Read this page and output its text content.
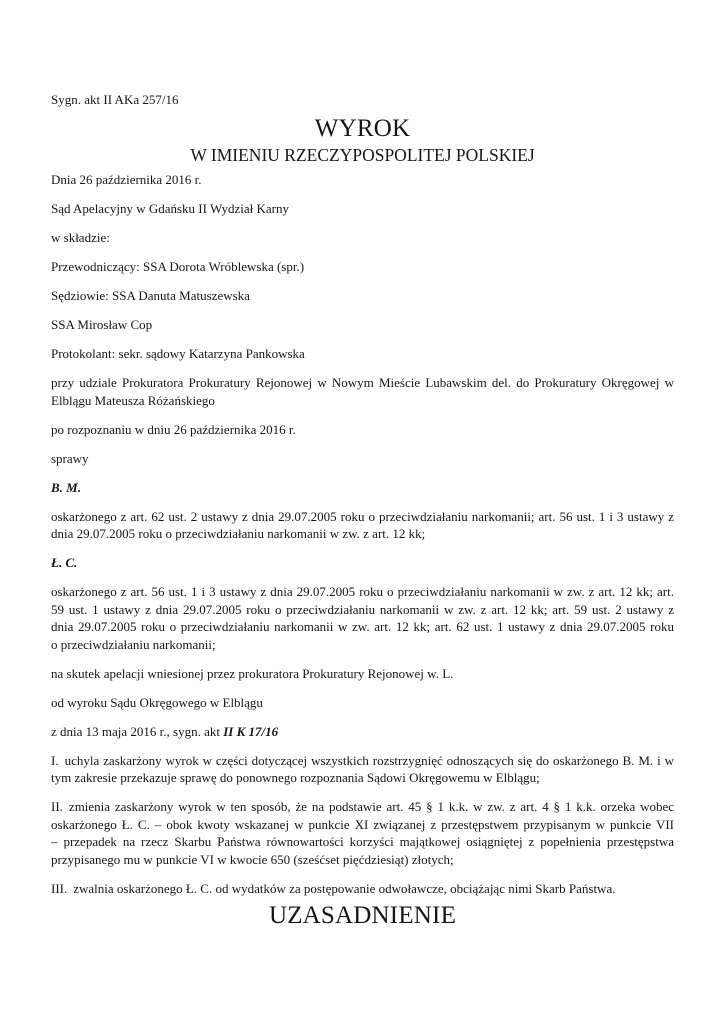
Sygn. akt II AKa 257/16

WYROK
W IMIENIU RZECZYPOSPOLITEJ POLSKIEJ

Dnia 26 października 2016 r.

Sąd Apelacyjny w Gdańsku II Wydział Karny

w składzie:

Przewodniczący: SSA Dorota Wróblewska (spr.)

Sędziowie: SSA Danuta Matuszewska

SSA Mirosław Cop

Protokolant: sekr. sądowy Katarzyna Pankowska

przy udziale Prokuratora Prokuratury Rejonowej w Nowym Mieście Lubawskim del. do Prokuratury Okręgowej w
Elblągu Mateusza Różańskiego

po rozpoznaniu w dniu 26 października 2016 r.

sprawy

B. M.

oskarżonego z art. 62 ust. 2 ustawy z dnia 29.07.2005 roku o przeciwdziałaniu narkomanii; art. 56 ust. 1 i 3 ustawy z
dnia 29.07.2005 roku o przeciwdziałaniu narkomanii w zw. z art. 12 kk;

Ł. C.

oskarżonego z art. 56 ust. 1 i 3 ustawy z dnia 29.07.2005 roku o przeciwdziałaniu narkomanii w zw. z art. 12 kk; art.
59 ust. 1 ustawy z dnia 29.07.2005 roku o przeciwdziałaniu narkomanii w zw. z art. 12 kk; art. 59 ust. 2 ustawy z
dnia 29.07.2005 roku o przeciwdziałaniu narkomanii w zw. art. 12 kk; art. 62 ust. 1 ustawy z dnia 29.07.2005 roku
o przeciwdziałaniu narkomanii;

na skutek apelacji wniesionej przez prokuratora Prokuratury Rejonowej w. L.

od wyroku Sądu Okręgowego w Elblągu

z dnia 13 maja 2016 r., sygn. akt II K 17/16

I. uchyla zaskarżony wyrok w części dotyczącej wszystkich rozstrzygnięć odnoszących się do oskarżonego B. M. i w
tym zakresie przekazuje sprawę do ponownego rozpoznania Sądowi Okręgowemu w Elblągu;
II. zmienia zaskarżony wyrok w ten sposób, że na podstawie art. 45 § 1 k.k. w zw. z art. 4 § 1 k.k. orzeka wobec
oskarżonego Ł. C. – obok kwoty wskazanej w punkcie XI związanej z przestępstwem przypisanym w punkcie VII
– przepadek na rzecz Skarbu Państwa równowartości korzyści majątkowej osiągniętej z popełnienia przestępstwa
przypisanego mu w punkcie VI w kwocie 650 (sześćset pięćdziesiąt) złotych;
III. zwalnia oskarżonego Ł. C. od wydatków za postępowanie odwoławcze, obciążając nimi Skarb Państwa.
UZASADNIENIE
